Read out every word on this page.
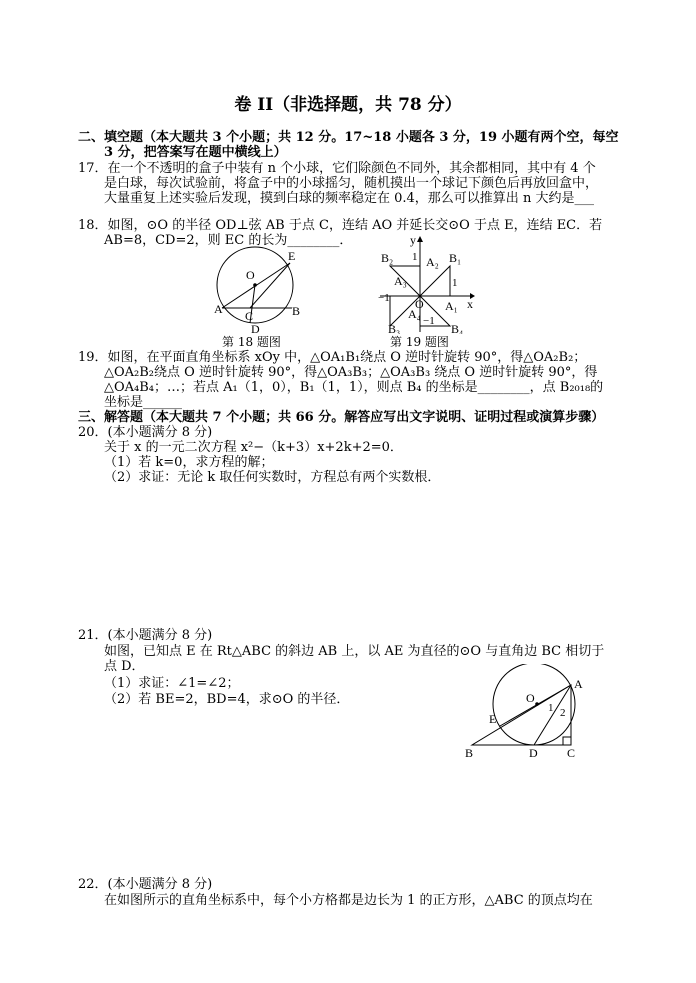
卷 II（非选择题，共 78 分）
二、填空题（本大题共 3 个小题；共 12 分。17~18 小题各 3 分，19 小题有两个空，每空
3 分，把答案写在题中横线上）
17．在一个不透明的盒子中装有 n 个小球，它们除颜色不同外，其余都相同，其中有 4 个
是白球，每次试验前，将盒子中的小球摇匀，随机摸出一个球记下颜色后再放回盒中，
大量重复上述实验后发现，摸到白球的频率稳定在 0.4，那么可以推算出 n 大约是___
18．如图，⊙O 的半径 OD⊥弦 AB 于点 C，连结 AO 并延长交⊙O 于点 E，连结 EC．若
AB=8，CD=2，则 EC 的长为________．
O
E
A	B
C
D
第 18 题图
y
x
O
B₂ 1 A₂ B₁
A₃	1
−1
A₁
A₄ −1
B₃	B₄
第 19 题图
19．如图，在平面直角坐标系 xOy 中，△OA₁B₁绕点 O 逆时针旋转 90°，得△OA₂B₂；
△OA₂B₂绕点 O 逆时针旋转 90°，得△OA₃B₃；△OA₃B₃ 绕点 O 逆时针旋转 90°，得
△OA₄B₄；…；若点 A₁（1，0），B₁（1，1），则点 B₄ 的坐标是________，点 B₂₀₁₈的
坐标是______
三、解答题（本大题共 7 个小题；共 66 分。解答应写出文字说明、证明过程或演算步骤）
20．(本小题满分 8 分)
关于 x 的一元二次方程 x²−（k+3）x+2k+2=0．
（1）若 k=0，求方程的解；
（2）求证：无论 k 取任何实数时，方程总有两个实数根．
21．(本小题满分 8 分)
如图，已知点 E 在 Rt△ABC 的斜边 AB 上，以 AE 为直径的⊙O 与直角边 BC 相切于
点 D．
（1）求证：∠1=∠2；
（2）若 BE=2，BD=4，求⊙O 的半径．	O
A
1 2
E
B	D C
22．(本小题满分 8 分)
在如图所示的直角坐标系中，每个小方格都是边长为 1 的正方形，△ABC 的顶点均在
